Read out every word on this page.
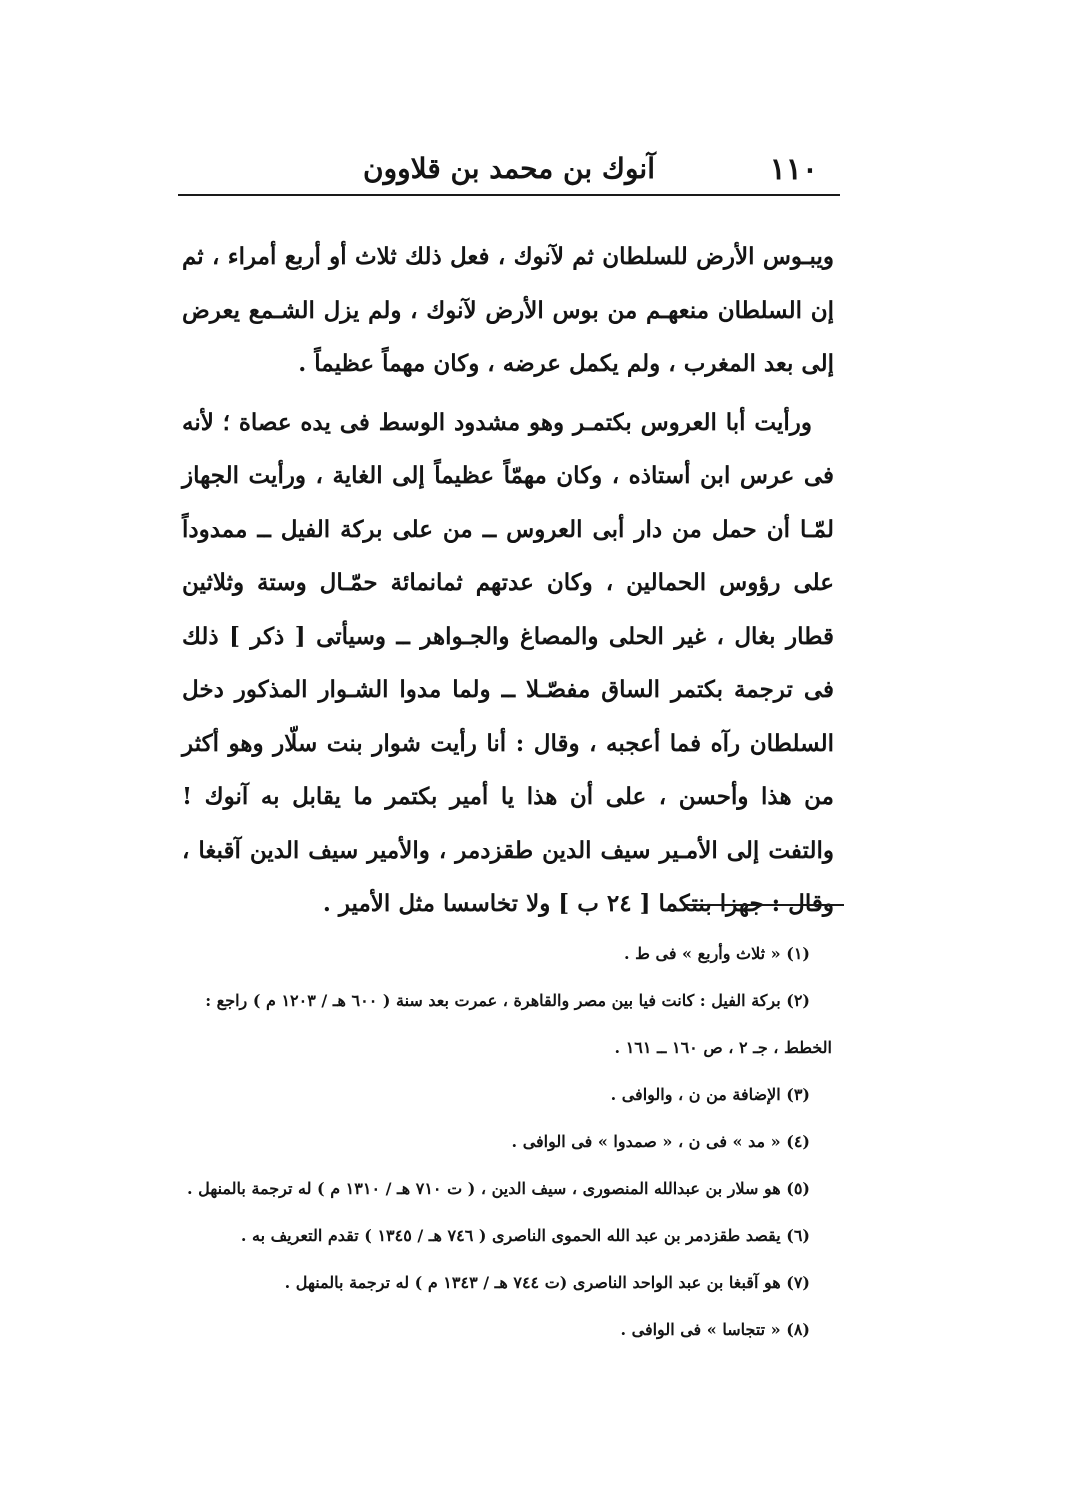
١١٠
آنوك بن محمد بن قلاوون

ويبـوس الأرض للسلطان ثم لآنوك ، فعل ذلك ثلاث أو أربع أمراء ، ثم إن السلطان منعهـم من بوس الأرض لآنوك ، ولم يزل الشـمع يعرض إلى بعد المغرب ، ولم يكمل عرضه ، وكان مهماً عظيماً .

ورأيت أبا العروس بكتمـر وهو مشدود الوسط فى يده عصاة ؛ لأنه فى عرس ابن أستاذه ، وكان مهمّاً عظيماً إلى الغاية ، ورأيت الجهاز لمّـا أن حمل من دار أبى العروس ــ من على بركة الفيل ــ ممدوداً على رؤوس الحمالين ، وكان عدتهم ثمانمائة حمّـال وستة وثلاثين قطار بغال ، غير الحلى والمصاغ والجـواهر ــ وسيأتى [ ذكر ] ذلك فى ترجمة بكتمر الساق مفصّـلا ــ ولما مدوا الشـوار المذكور دخل السلطان رآه فما أعجبه ، وقال : أنا رأيت شوار بنت سلّار وهو أكثر من هذا وأحسن ، على أن هذا يا أمير بكتمر ما يقابل به آنوك ! والتفت إلى الأمـير سيف الدين طقزدمر ، والأمير سيف الدين آقبغا ، وقال : جهزا بنتكما [ ٢٤ ب ] ولا تخاسسا مثل الأمير .

(١) « ثلاث وأربع » فى ط .
(٢) بركة الفيل : كانت فيا بين مصر والقاهرة ، عمرت بعد سنة ( ٦٠٠ هـ / ١٢٠٣ م ) راجع :
الخطط ، جـ ٢ ، ص ١٦٠ ــ ١٦١ .
(٣) الإضافة من ن ، والوافى .
(٤) « مد » فى ن ، « صمدوا » فى الوافى .
(٥) هو سلار بن عبدالله المنصورى ، سيف الدين ، ( ت ٧١٠ هـ / ١٣١٠ م ) له ترجمة بالمنهل .
(٦) يقصد طقزدمر بن عبد الله الحموى الناصرى ( ٧٤٦ هـ / ١٣٤٥ ) تقدم التعريف به .
(٧) هو آقبغا بن عبد الواحد الناصرى (ت ٧٤٤ هـ / ١٣٤٣ م ) له ترجمة بالمنهل .
(٨) « تتجاسا » فى الوافى .
